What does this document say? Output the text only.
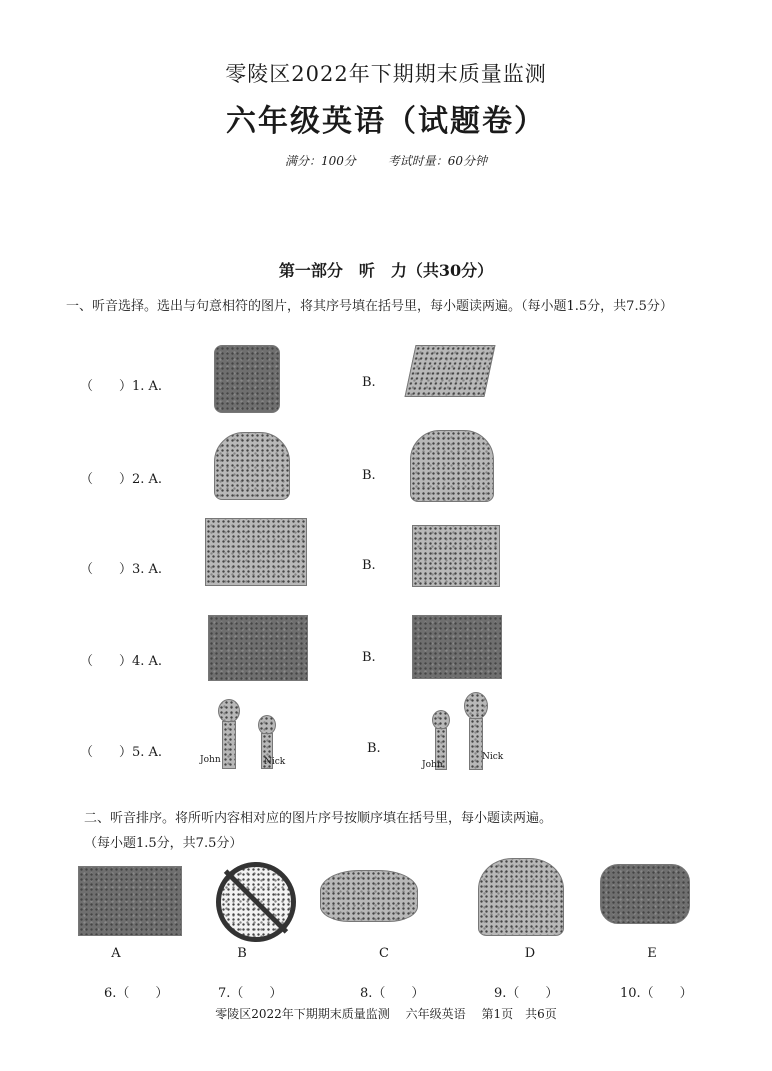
零陵区2022年下期期末质量监测
六年级英语（试题卷）
满分：100分	考试时量：60分钟
第一部分　听　力（共30分）
一、听音选择。选出与句意相符的图片，将其序号填在括号里，每小题读两遍。（每小题1.5分，共7.5分）
（　　）1. A.	B.
（　　）2. A.	B.
（　　）3. A.	B.
（　　）4. A.	B.
（　　）5. A.	John	Nick
B.
John
Nick
二、听音排序。将所听内容相对应的图片序号按顺序填在括号里，每小题读两遍。
（每小题1.5分，共7.5分）
A	B	C	D	E
6.（　　）	7.（　　）	8.（　　）	9.（　　）	10.（　　）
零陵区2022年下期期末质量监测 六年级英语 第1页　共6页
